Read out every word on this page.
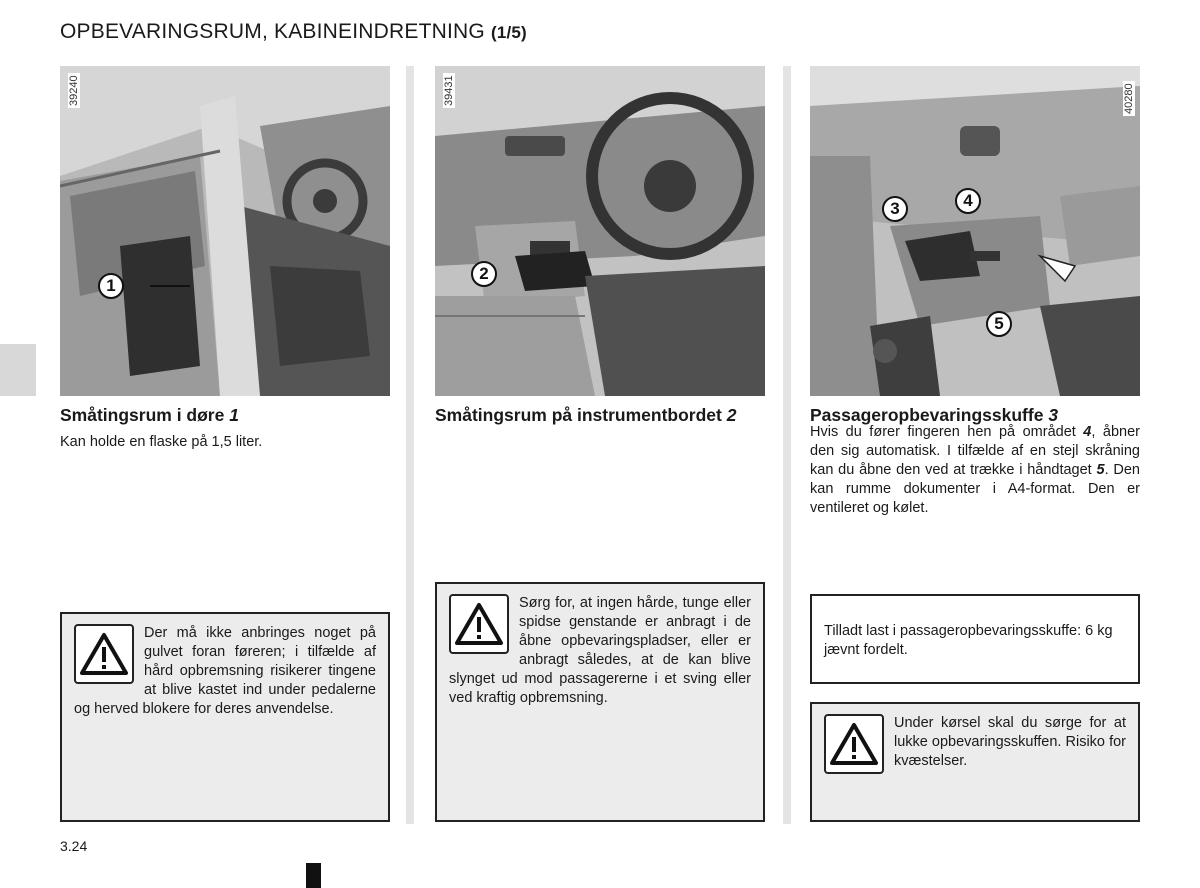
OPBEVARINGSRUM, KABINEINDRETNING (1/5)
39240
1
Småtingsrum i døre 1
Kan holde en flaske på 1,5 liter.
Der må ikke anbringes noget på gulvet foran føreren; i tilfælde af hård opbremsning risikerer tingene at blive kastet ind under pedalerne og herved blokere for deres anvendelse.
39431
2
Småtingsrum på instrumentbordet 2
Sørg for, at ingen hårde, tunge eller spidse genstande er anbragt i de åbne opbevaringspladser, eller er anbragt således, at de kan blive slynget ud mod passagererne i et sving eller ved kraftig opbremsning.
40280
3	4
5
Passageropbevaringsskuffe 3
Hvis du fører fingeren hen på området 4, åbner den sig automatisk. I tilfælde af en stejl skråning kan du åbne den ved at trække i håndtaget 5. Den kan rumme dokumenter i A4-format. Den er ventileret og kølet.
Tilladt last i passageropbevaringsskuffe: 6 kg jævnt fordelt.
Under kørsel skal du sørge for at lukke opbevaringsskuffen. Risiko for kvæstelser.
3.24
